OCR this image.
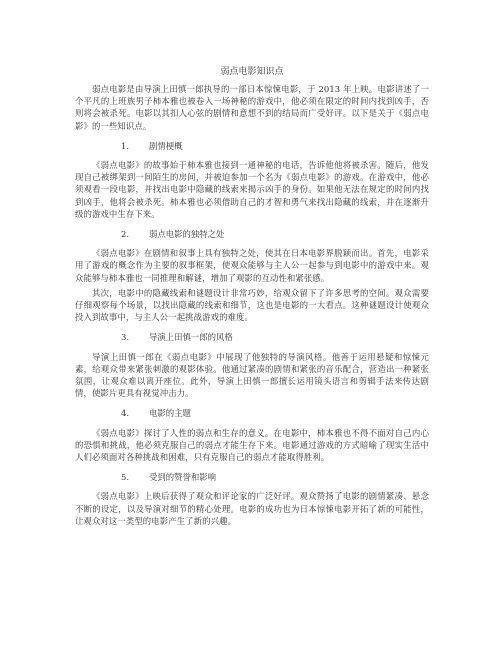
弱点电影知识点

弱点电影是由导演上田慎一郎执导的一部日本惊悚电影，于 2013 年上映。电影讲述了一个平凡的上班族男子柿本雅也被卷入一场神秘的游戏中，他必须在限定的时间内找到凶手，否则将会被杀死。电影以其扣人心弦的剧情和意想不到的结局而广受好评。以下是关于《弱点电影》的一些知识点。

1.	剧情梗概

《弱点电影》的故事始于柿本雅也接到一通神秘的电话，告诉他他将被杀害。随后，他发现自己被绑架到一间陌生的房间，并被迫参加一个名为《弱点电影》的游戏。在游戏中，他必须观看一段电影，并找出电影中隐藏的线索来揭示凶手的身份。如果他无法在规定的时间内找到凶手，他将会被杀死。柿本雅也必须借助自己的才智和勇气来找出隐藏的线索，并在逐渐升级的游戏中生存下来。

2.	弱点电影的独特之处

《弱点电影》在剧情和叙事上具有独特之处，使其在日本电影界脱颖而出。首先，电影采用了游戏的概念作为主要的叙事框架，使观众能够与主人公一起参与到电影中的游戏中来。观众能够与柿本雅也一同推理和解谜，增加了观影的互动性和紧张感。

其次，电影中的隐藏线索和谜题设计非常巧妙，给观众留下了许多思考的空间。观众需要仔细观察每个场景，以找出隐藏的线索和细节，这也是电影的一大看点。这种谜题设计使观众投入到故事中，与主人公一起挑战游戏的难度。

3.	导演上田慎一郎的风格

导演上田慎一郎在《弱点电影》中展现了他独特的导演风格。他善于运用悬疑和惊悚元素，给观众带来紧张刺激的观影体验。他通过紧凑的剧情和紧张的音乐配合，营造出一种紧张氛围，让观众难以离开座位。此外，导演上田慎一郎擅长运用镜头语言和剪辑手法来传达剧情，使影片更具有视觉冲击力。

4.	电影的主题

《弱点电影》探讨了人性的弱点和生存的意义。在电影中，柿本雅也不得不面对自己内心的恐惧和挑战，他必须克服自己的弱点才能生存下来。电影通过游戏的方式暗喻了现实生活中人们必须面对各种挑战和困难，只有克服自己的弱点才能取得胜利。

5.	受到的赞誉和影响

《弱点电影》上映后获得了观众和评论家的广泛好评。观众赞扬了电影的剧情紧凑、悬念不断的设定，以及导演对细节的精心处理。电影的成功也为日本惊悚电影开拓了新的可能性，让观众对这一类型的电影产生了新的兴趣。
